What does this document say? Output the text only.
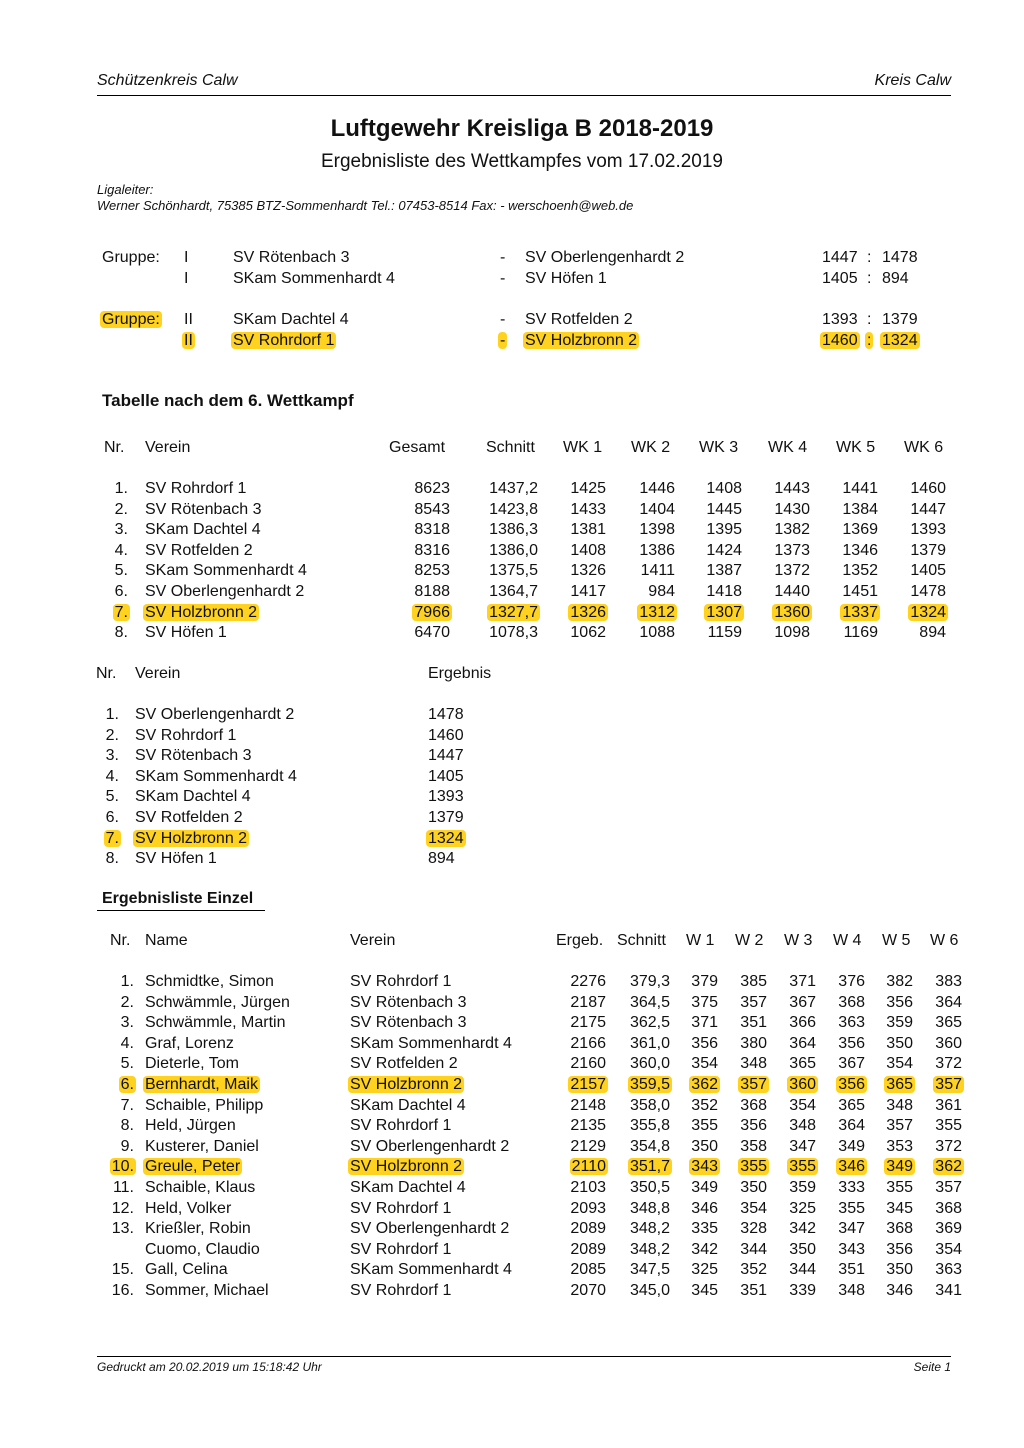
Schützenkreis Calw	Kreis Calw
Luftgewehr Kreisliga B 2018-2019
Ergebnisliste des Wettkampfes vom 17.02.2019
Ligaleiter:
Werner Schönhardt, 75385 BTZ-Sommenhardt Tel.: 07453-8514 Fax: - werschoenh@web.de
Gruppe: I	SV Rötenbach 3	- SV Oberlengenhardt 2	1447 : 1478
I	SKam Sommenhardt 4	- SV Höfen 1	1405 : 894
Gruppe: II	SKam Dachtel 4	- SV Rotfelden 2	1393 : 1379
II	SV Rohrdorf 1	- SV Holzbronn 2	1460 : 1324
Tabelle nach dem 6. Wettkampf
Nr. Verein	Gesamt	Schnitt WK 1 WK 2 WK 3 WK 4 WK 5 WK 6
1. SV Rohrdorf 1	8623	1437,2	1425	1446	1408	1443	1441	1460
2. SV Rötenbach 3	8543	1423,8	1433	1404	1445	1430	1384	1447
3. SKam Dachtel 4	8318	1386,3	1381	1398	1395	1382	1369	1393
4. SV Rotfelden 2	8316	1386,0	1408	1386	1424	1373	1346	1379
5. SKam Sommenhardt 4	8253	1375,5	1326	1411	1387	1372	1352	1405
6. SV Oberlengenhardt 2	8188	1364,7	1417	984	1418	1440	1451	1478
7. SV Holzbronn 2	7966	1327,7	1326	1312	1307	1360	1337	1324
8. SV Höfen 1	6470	1078,3	1062	1088	1159	1098	1169	894
Nr. Verein	Ergebnis
1. SV Oberlengenhardt 2	1478
2. SV Rohrdorf 1	1460
3. SV Rötenbach 3	1447
4. SKam Sommenhardt 4	1405
5. SKam Dachtel 4	1393
6. SV Rotfelden 2	1379
7. SV Holzbronn 2	1324
8. SV Höfen 1	894
Ergebnisliste Einzel
Nr. Name	Verein	Ergeb. Schnitt W 1 W 2 W 3 W 4 W 5 W 6
1. Schmidtke, Simon	SV Rohrdorf 1	2276	379,3	379	385	371	376	382	383
2. Schwämmle, Jürgen	SV Rötenbach 3	2187	364,5	375	357	367	368	356	364
3. Schwämmle, Martin	SV Rötenbach 3	2175	362,5	371	351	366	363	359	365
4. Graf, Lorenz	SKam Sommenhardt 4	2166	361,0	356	380	364	356	350	360
5. Dieterle, Tom	SV Rotfelden 2	2160	360,0	354	348	365	367	354	372
6. Bernhardt, Maik	SV Holzbronn 2	2157	359,5	362	357	360	356	365	357
7. Schaible, Philipp	SKam Dachtel 4	2148	358,0	352	368	354	365	348	361
8. Held, Jürgen	SV Rohrdorf 1	2135	355,8	355	356	348	364	357	355
9. Kusterer, Daniel	SV Oberlengenhardt 2	2129	354,8	350	358	347	349	353	372
10. Greule, Peter	SV Holzbronn 2	2110	351,7	343	355	355	346	349	362
11. Schaible, Klaus	SKam Dachtel 4	2103	350,5	349	350	359	333	355	357
12. Held, Volker	SV Rohrdorf 1	2093	348,8	346	354	325	355	345	368
13. Krießler, Robin	SV Oberlengenhardt 2	2089	348,2	335	328	342	347	368	369
Cuomo, Claudio	SV Rohrdorf 1	2089	348,2	342	344	350	343	356	354
15. Gall, Celina	SKam Sommenhardt 4	2085	347,5	325	352	344	351	350	363
16. Sommer, Michael	SV Rohrdorf 1	2070	345,0	345	351	339	348	346	341
Gedruckt am 20.02.2019 um 15:18:42 Uhr	Seite 1
